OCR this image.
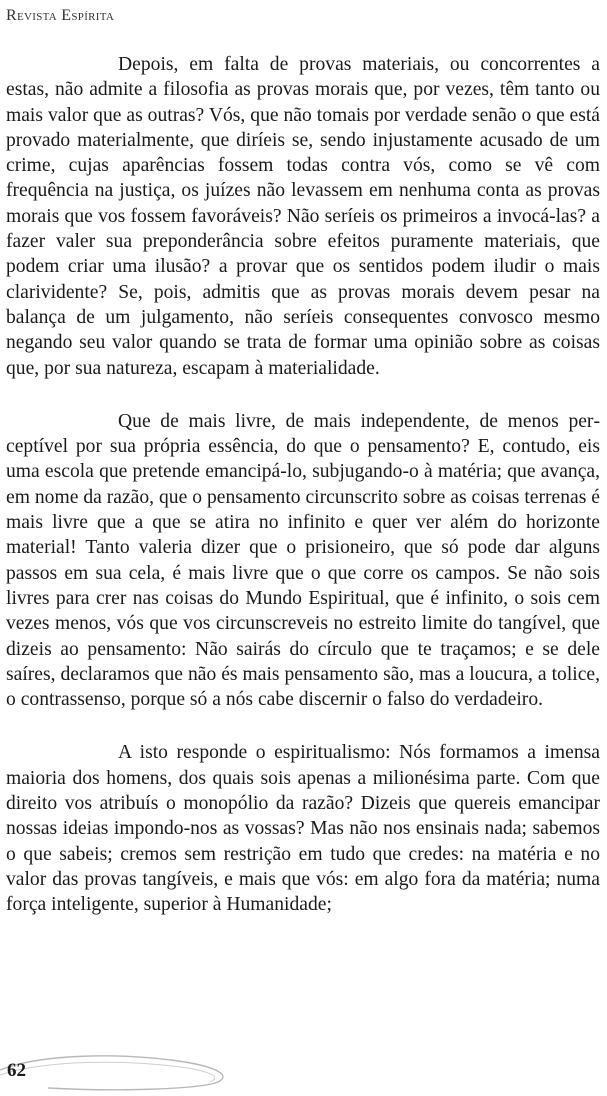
Revista Espírita

Depois, em falta de provas materiais, ou concorrentes a estas, não admite a filosofia as provas morais que, por vezes, têm tanto ou mais valor que as outras? Vós, que não tomais por verdade senão o que está provado materialmente, que diríeis se, sendo injustamente acusado de um crime, cujas aparências fossem todas contra vós, como se vê com frequência na justiça, os juízes não levassem em nenhuma conta as provas morais que vos fossem favoráveis? Não seríeis os primeiros a invocá-las? a fazer valer sua preponderância sobre efeitos puramente materiais, que podem criar uma ilusão? a provar que os sentidos podem iludir o mais clarividente? Se, pois, admitis que as provas morais devem pesar na balança de um julgamento, não seríeis consequentes convosco mesmo negando seu valor quando se trata de formar uma opinião sobre as coisas que, por sua natureza, escapam à materialidade.

Que de mais livre, de mais independente, de menos perceptível por sua própria essência, do que o pensamento? E, contudo, eis uma escola que pretende emancipá-lo, subjugando-o à matéria; que avança, em nome da razão, que o pensamento circunscrito sobre as coisas terrenas é mais livre que a que se atira no infinito e quer ver além do horizonte material! Tanto valeria dizer que o prisioneiro, que só pode dar alguns passos em sua cela, é mais livre que o que corre os campos. Se não sois livres para crer nas coisas do Mundo Espiritual, que é infinito, o sois cem vezes menos, vós que vos circunscreveis no estreito limite do tangível, que dizeis ao pensamento: Não sairás do círculo que te traçamos; e se dele saíres, declaramos que não és mais pensamento são, mas a loucura, a tolice, o contrassenso, porque só a nós cabe discernir o falso do verdadeiro.

A isto responde o espiritualismo: Nós formamos a imensa maioria dos homens, dos quais sois apenas a milionésima parte. Com que direito vos atribuís o monopólio da razão? Dizeis que quereis emancipar nossas ideias impondo-nos as vossas? Mas não nos ensinais nada; sabemos o que sabeis; cremos sem restrição em tudo que credes: na matéria e no valor das provas tangíveis, e mais que vós: em algo fora da matéria; numa força inteligente, superior à Humanidade;

62
